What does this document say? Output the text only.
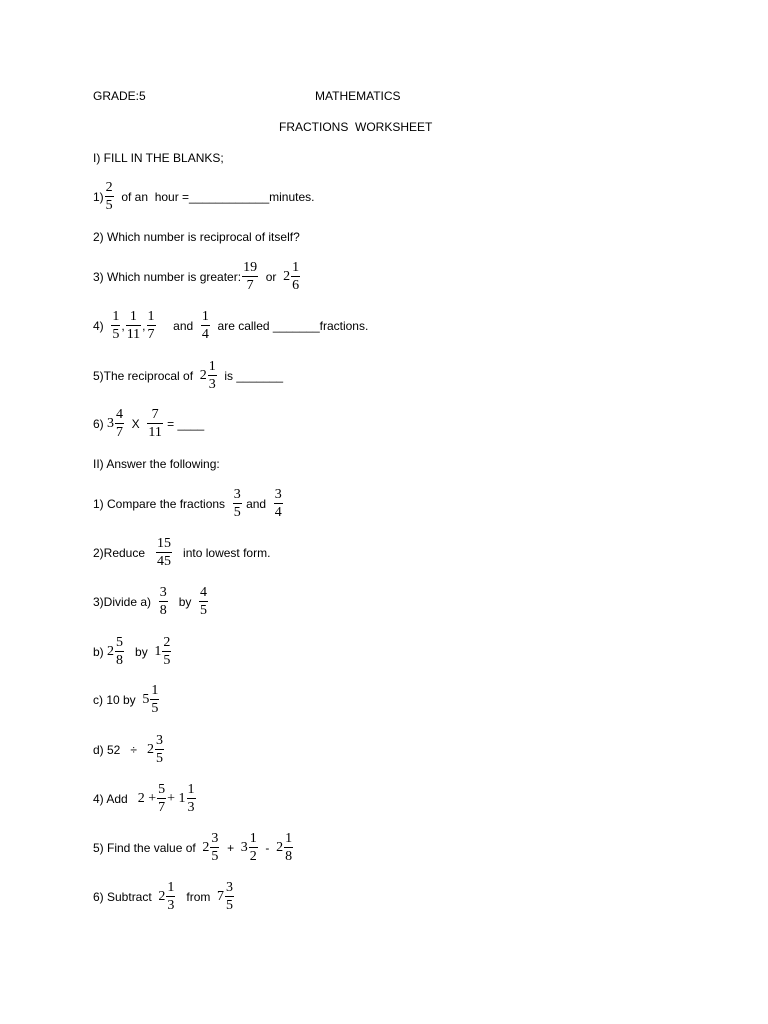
GRADE:5	MATHEMATICS
FRACTIONS  WORKSHEET
I) FILL IN THE BLANKS;
$1) \frac{2}{5}$ of an  hour =____________minutes.
2) Which number is reciprocal of itself?
3) Which number is greater: $\frac{19}{7}$ or $2 \frac{1}{6}$
$4) \frac{1}{5}$ , $\frac{1}{11}$ , $\frac{1}{7}$ and $\frac{1}{4}$ are called _______fractions.
5)The reciprocal of $2 \frac{1}{3}$ is _______
6) $3 \frac{4}{7}$ X $\frac{7}{11}$ = ____
II) Answer the following:
1) Compare the fractions $\frac{3}{5}$ and $\frac{3}{4}$
2)Reduce $\frac{15}{45}$ into lowest form.
3)Divide $a) \frac{3}{8}$ by $\frac{4}{5}$
b) $2 \frac{5}{8}$ by $1 \frac{2}{5}$
c) 10 by $5 \frac{1}{5}$
d) $52 \div 2 \frac{3}{5}$
4) Add $2 + \frac{5}{7} + 1 \frac{1}{3}$
5) Find the value of $2 \frac{3}{5} + 3 \frac{1}{2} - 2 \frac{1}{8}$
6) Subtract $2 \frac{1}{3}$ from $7 \frac{3}{5}$
